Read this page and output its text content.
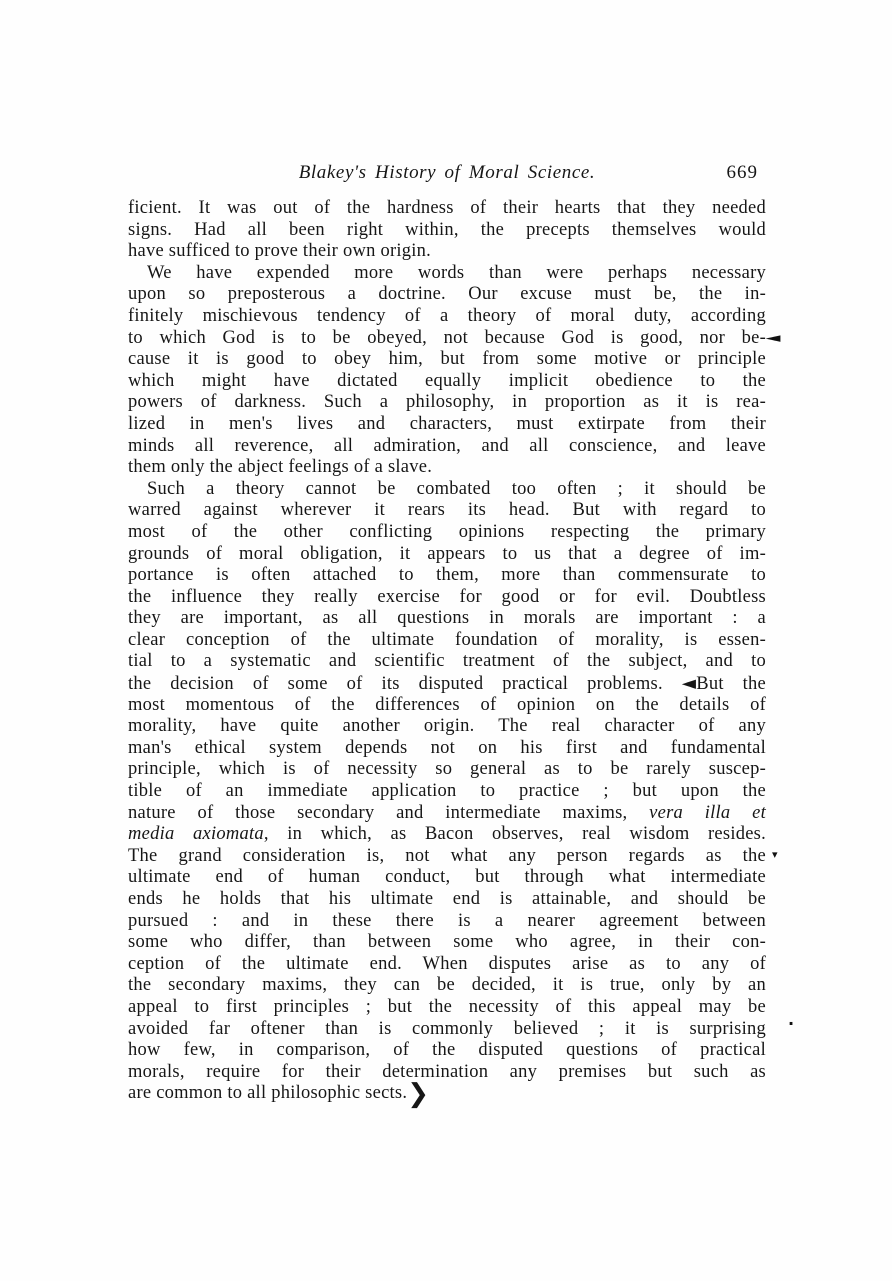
Blakey's History of Moral Science.	669
ficient. It was out of the hardness of their hearts that they needed
signs. Had all been right within, the precepts themselves would
have sufficed to prove their own origin.
We have expended more words than were perhaps necessary
upon so preposterous a doctrine. Our excuse must be, the in-
finitely mischievous tendency of a theory of moral duty, according
to which God is to be obeyed, not because God is good, nor be-
cause it is good to obey him, but from some motive or principle
which might have dictated equally implicit obedience to the
powers of darkness. Such a philosophy, in proportion as it is rea-
lized in men's lives and characters, must extirpate from their
minds all reverence, all admiration, and all conscience, and leave
them only the abject feelings of a slave.
Such a theory cannot be combated too often ; it should be
warred against wherever it rears its head. But with regard to
most of the other conflicting opinions respecting the primary
grounds of moral obligation, it appears to us that a degree of im-
portance is often attached to them, more than commensurate to
the influence they really exercise for good or for evil. Doubtless
they are important, as all questions in morals are important : a
clear conception of the ultimate foundation of morality, is essen-
tial to a systematic and scientific treatment of the subject, and to
the decision of some of its disputed practical problems. ◄But the
most momentous of the differences of opinion on the details of
morality, have quite another origin. The real character of any
man's ethical system depends not on his first and fundamental
principle, which is of necessity so general as to be rarely suscep-
tible of an immediate application to practice ; but upon the
nature of those secondary and intermediate maxims, vera illa et
media axiomata, in which, as Bacon observes, real wisdom resides.
The grand consideration is, not what any person regards as the
ultimate end of human conduct, but through what intermediate
ends he holds that his ultimate end is attainable, and should be
pursued : and in these there is a nearer agreement between
some who differ, than between some who agree, in their con-
ception of the ultimate end. When disputes arise as to any of
the secondary maxims, they can be decided, it is true, only by an
appeal to first principles ; but the necessity of this appeal may be
avoided far oftener than is commonly believed ; it is surprising
how few, in comparison, of the disputed questions of practical
morals, require for their determination any premises but such as
are common to all philosophic sects.❯
◄
▾
·
